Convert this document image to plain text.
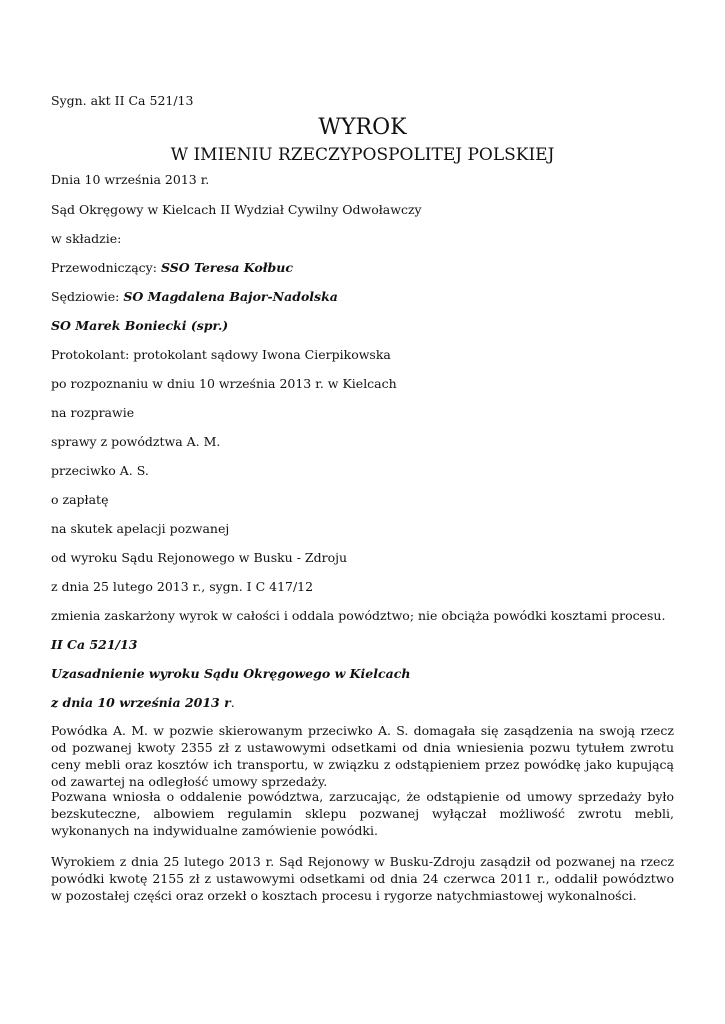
Sygn. akt II Ca 521/13
WYROK
W IMIENIU RZECZYPOSPOLITEJ POLSKIEJ
Dnia 10 września 2013 r.
Sąd Okręgowy w Kielcach II Wydział Cywilny Odwoławczy
w składzie:
Przewodniczący: SSO Teresa Kołbuc
Sędziowie: SO Magdalena Bajor-Nadolska
SO Marek Boniecki (spr.)
Protokolant: protokolant sądowy Iwona Cierpikowska
po rozpoznaniu w dniu 10 września 2013 r. w Kielcach
na rozprawie
sprawy z powództwa A. M.
przeciwko A. S.
o zapłatę
na skutek apelacji pozwanej
od wyroku Sądu Rejonowego w Busku - Zdroju
z dnia 25 lutego 2013 r., sygn. I C 417/12
zmienia zaskarżony wyrok w całości i oddala powództwo; nie obciąża powódki kosztami procesu.
II Ca 521/13
Uzasadnienie wyroku Sądu Okręgowego w Kielcach
z dnia 10 września 2013 r.
Powódka A. M. w pozwie skierowanym przeciwko A. S. domagała się zasądzenia na swoją rzecz od pozwanej kwoty 2355 zł z ustawowymi odsetkami od dnia wniesienia pozwu tytułem zwrotu ceny mebli oraz kosztów ich transportu, w związku z odstąpieniem przez powódkę jako kupującą od zawartej na odległość umowy sprzedaży.
Pozwana wniosła o oddalenie powództwa, zarzucając, że odstąpienie od umowy sprzedaży było bezskuteczne, albowiem regulamin sklepu pozwanej wyłączał możliwość zwrotu mebli, wykonanych na indywidualne zamówienie powódki.
Wyrokiem z dnia 25 lutego 2013 r. Sąd Rejonowy w Busku-Zdroju zasądził od pozwanej na rzecz powódki kwotę 2155 zł z ustawowymi odsetkami od dnia 24 czerwca 2011 r., oddalił powództwo w pozostałej części oraz orzekł o kosztach procesu i rygorze natychmiastowej wykonalności.
